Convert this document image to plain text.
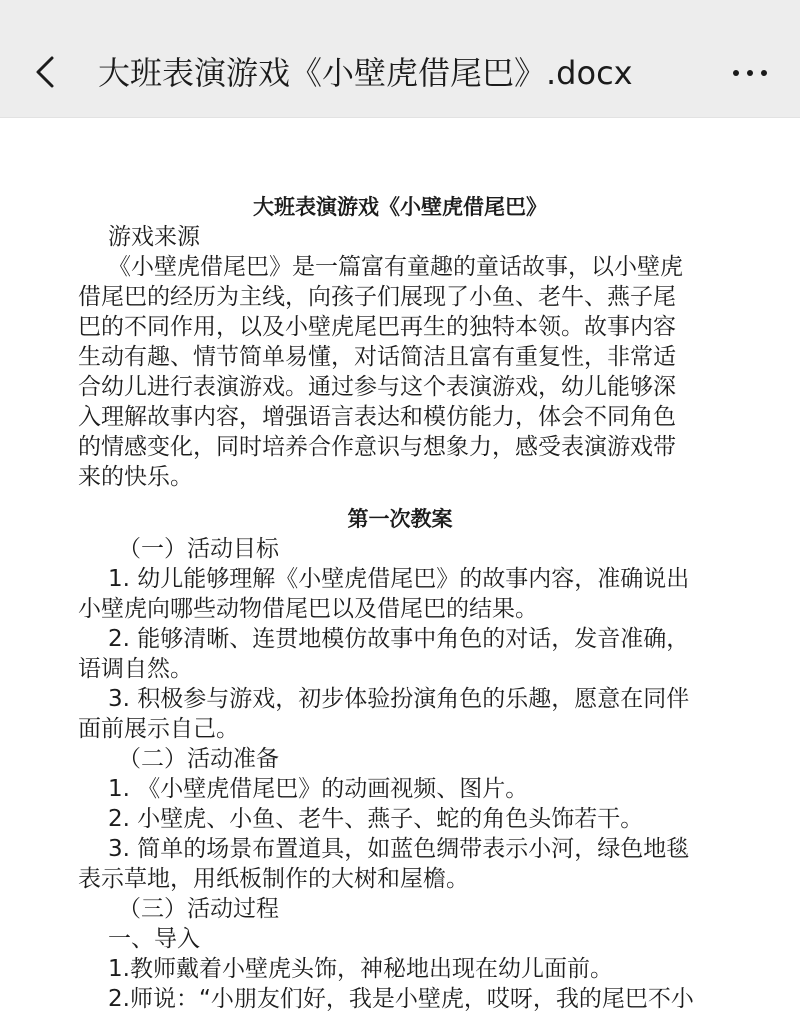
大班表演游戏《小壁虎借尾巴》.docx
大班表演游戏《小壁虎借尾巴》
游戏来源
《小壁虎借尾巴》是一篇富有童趣的童话故事，以小壁虎
借尾巴的经历为主线，向孩子们展现了小鱼、老牛、燕子尾
巴的不同作用，以及小壁虎尾巴再生的独特本领。故事内容
生动有趣、情节简单易懂，对话简洁且富有重复性，非常适
合幼儿进行表演游戏。通过参与这个表演游戏，幼儿能够深
入理解故事内容，增强语言表达和模仿能力，体会不同角色
的情感变化，同时培养合作意识与想象力，感受表演游戏带
来的快乐。
第一次教案
（一）活动目标
1. 幼儿能够理解《小壁虎借尾巴》的故事内容，准确说出
小壁虎向哪些动物借尾巴以及借尾巴的结果。
2. 能够清晰、连贯地模仿故事中角色的对话，发音准确，
语调自然。
3. 积极参与游戏，初步体验扮演角色的乐趣，愿意在同伴
面前展示自己。
（二）活动准备
1. 《小壁虎借尾巴》的动画视频、图片。
2. 小壁虎、小鱼、老牛、燕子、蛇的角色头饰若干。
3. 简单的场景布置道具，如蓝色绸带表示小河，绿色地毯
表示草地，用纸板制作的大树和屋檐。
（三）活动过程
一、导入
1.教师戴着小壁虎头饰，神秘地出现在幼儿面前。
2.师说：“小朋友们好，我是小壁虎，哎呀，我的尾巴不小
